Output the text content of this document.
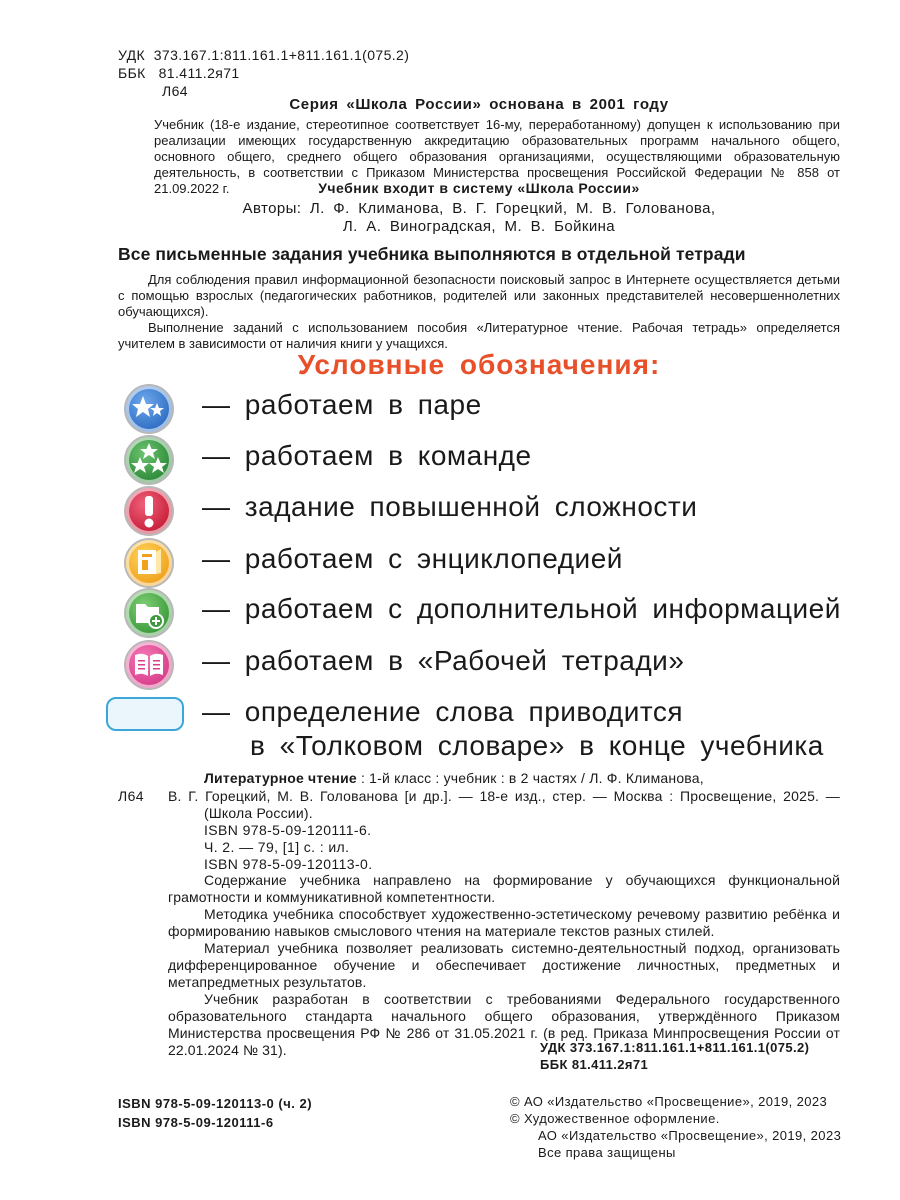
УДК 373.167.1:811.161.1+811.161.1(075.2)
ББК 81.411.2я71
Л64
Серия «Школа России» основана в 2001 году
Учебник (18-е издание, стереотипное соответствует 16-му, переработанному) допущен к использованию при реализации имеющих государственную аккредитацию образовательных программ начального общего, основного общего, среднего общего образования организациями, осуществляющими образовательную деятельность, в соответствии с Приказом Министерства просвещения Российской Федерации № 858 от 21.09.2022 г.	Учебник входит в систему «Школа России»
Авторы: Л. Ф. Климанова, В. Г. Горецкий, М. В. Голованова,
Л. А. Виноградская, М. В. Бойкина
Все письменные задания учебника выполняются в отдельной тетради
Для соблюдения правил информационной безопасности поисковый запрос в Интернете осуществляется детьми с помощью взрослых (педагогических работников, родителей или законных представителей несовершеннолетних обучающихся).
Выполнение заданий с использованием пособия «Литературное чтение. Рабочая тетрадь» определяется учителем в зависимости от наличия книги у учащихся.
Условные обозначения:
— работаем в паре
— работаем в команде
— задание повышенной сложности
— работаем с энциклопедией
— работаем с дополнительной информацией
— работаем в «Рабочей тетради»
— определение слова приводится
в «Толковом словаре» в конце учебника
Л64
Литературное чтение : 1-й класс : учебник : в 2 частях / Л. Ф. Климанова,
В. Г. Горецкий, М. В. Голованова [и др.]. — 18-е изд., стер. — Москва : Просвещение, 2025. — (Школа России).
ISBN 978-5-09-120111-6.
Ч. 2. — 79, [1] с. : ил.
ISBN 978-5-09-120113-0.
Содержание учебника направлено на формирование у обучающихся функциональной грамотности и коммуникативной компетентности.
Методика учебника способствует художественно-эстетическому речевому развитию ребёнка и формированию навыков смыслового чтения на материале текстов разных стилей.
Материал учебника позволяет реализовать системно-деятельностный подход, организовать дифференцированное обучение и обеспечивает достижение личностных, предметных и метапредметных результатов.
Учебник разработан в соответствии с требованиями Федерального государственного образовательного стандарта начального общего образования, утверждённого Приказом Министерства просвещения РФ № 286 от 31.05.2021 г. (в ред. Приказа Минпросвещения России от 22.01.2024 № 31).	УДК 373.167.1:811.161.1+811.161.1(075.2)
ББК 81.411.2я71
ISBN 978-5-09-120113-0 (ч. 2)
ISBN 978-5-09-120111-6
© АО «Издательство «Просвещение», 2019, 2023
© Художественное оформление.
АО «Издательство «Просвещение», 2019, 2023
Все права защищены
